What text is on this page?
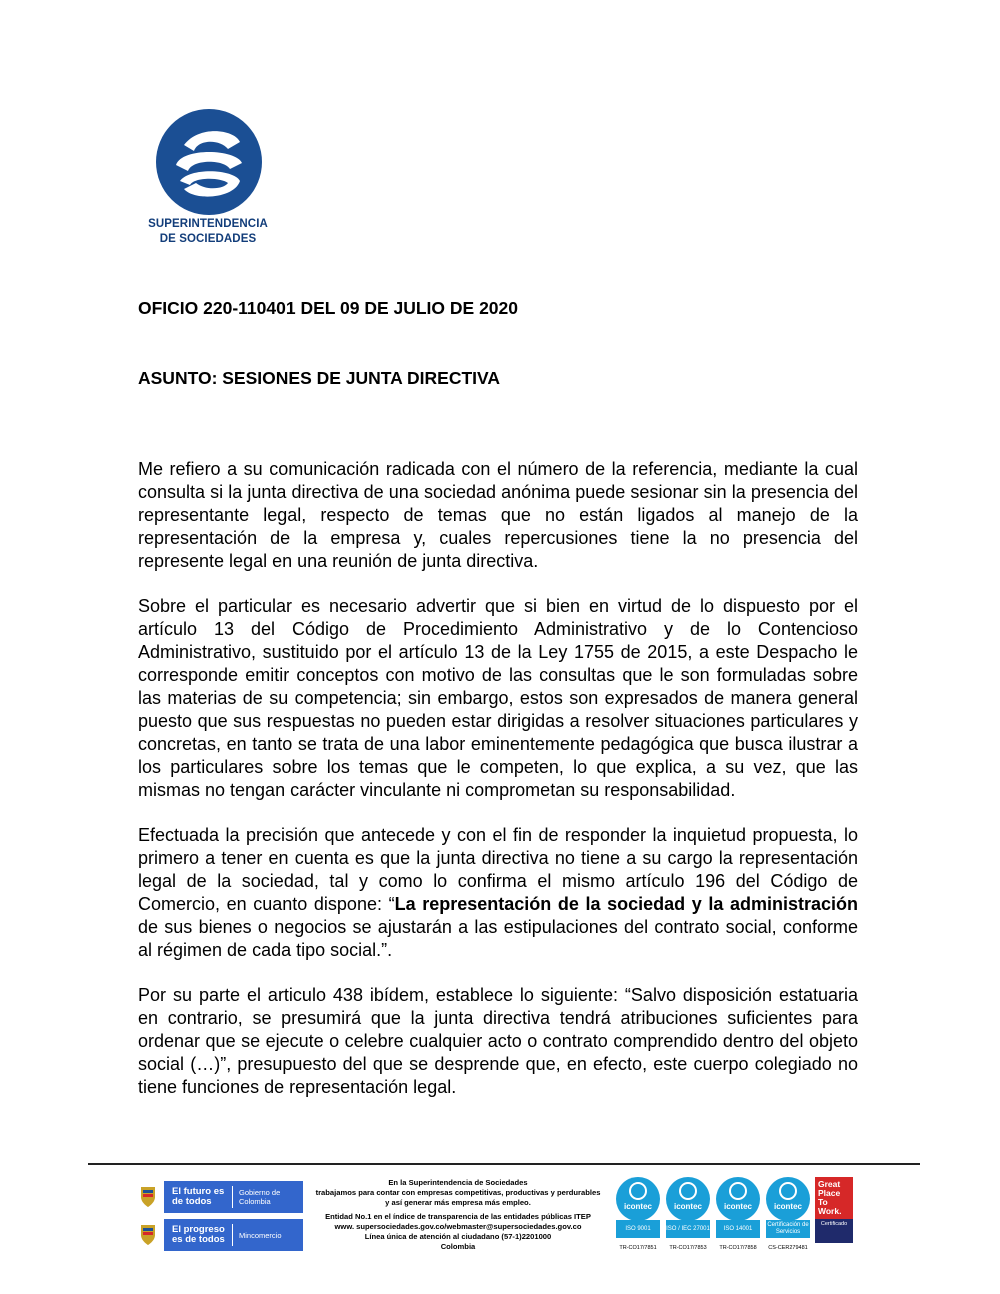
SUPERINTENDENCIA
DE SOCIEDADES
OFICIO 220-110401 DEL 09 DE JULIO DE 2020
ASUNTO: SESIONES DE JUNTA DIRECTIVA

Me refiero a su comunicación radicada con el número de la referencia, mediante la cual consulta si la junta directiva de una sociedad anónima puede sesionar sin la presencia del representante legal, respecto de temas que no están ligados al manejo de la representación de la empresa y, cuales repercusiones tiene la no presencia del represente legal en una reunión de junta directiva.

Sobre el particular es necesario advertir que si bien en virtud de lo dispuesto por el artículo 13 del Código de Procedimiento Administrativo y de lo Contencioso Administrativo, sustituido por el artículo 13 de la Ley 1755 de 2015, a este Despacho le corresponde emitir conceptos con motivo de las consultas que le son formuladas sobre las materias de su competencia; sin embargo, estos son expresados de manera general puesto que sus respuestas no pueden estar dirigidas a resolver situaciones particulares y concretas, en tanto se trata de una labor eminentemente pedagógica que busca ilustrar a los particulares sobre los temas que le competen, lo que explica, a su vez, que las mismas no tengan carácter vinculante ni comprometan su responsabilidad.

Efectuada la precisión que antecede y con el fin de responder la inquietud propuesta, lo primero a tener en cuenta es que la junta directiva no tiene a su cargo la representación legal de la sociedad, tal y como lo confirma el mismo artículo 196 del Código de Comercio, en cuanto dispone: “La representación de la sociedad y la administración de sus bienes o negocios se ajustarán a las estipulaciones del contrato social, conforme al régimen de cada tipo social.”.

Por su parte el articulo 438 ibídem, establece lo siguiente: “Salvo disposición estatuaria en contrario, se presumirá que la junta directiva tendrá atribuciones suficientes para ordenar que se ejecute o celebre cualquier acto o contrato comprendido dentro del objeto social (…)”, presupuesto del que se desprende que, en efecto, este cuerpo colegiado no tiene funciones de representación legal.

El futuro es de todos
Gobierno de Colombia
El progreso es de todos	Mincomercio
En la Superintendencia de Sociedades
trabajamos para contar con empresas competitivas, productivas y perdurables
y así generar más empresa más empleo.
Entidad No.1 en el índice de transparencia de las entidades públicas ITEP
www. supersociedades.gov.co/webmaster@supersociedades.gov.co
Línea única de atención al ciudadano (57-1)2201000
Colombia
icontec
ISO 9001
TR-CO17/7851
icontec
ISO / IEC 27001
TR-CO17/7853
icontec
ISO 14001
TR-CO17/7858
icontec
Certificación de Servicios
CS-CER279481
Great Place To Work.
Certificado
